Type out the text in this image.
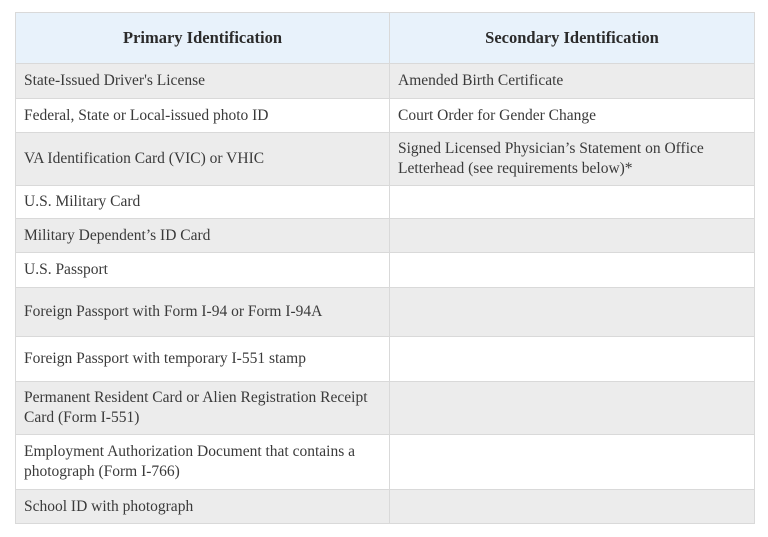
Primary Identification	Secondary Identification
State-Issued Driver's License	Amended Birth Certificate
Federal, State or Local-issued photo ID	Court Order for Gender Change
VA Identification Card (VIC) or VHIC	Signed Licensed Physician’s Statement on Office Letterhead (see requirements below)*
U.S. Military Card	
Military Dependent’s ID Card	
U.S. Passport	
Foreign Passport with Form I-94 or Form I-94A	
Foreign Passport with temporary I-551 stamp	
Permanent Resident Card or Alien Registration Receipt Card (Form I-551)	
Employment Authorization Document that contains a photograph (Form I-766)	
School ID with photograph	
